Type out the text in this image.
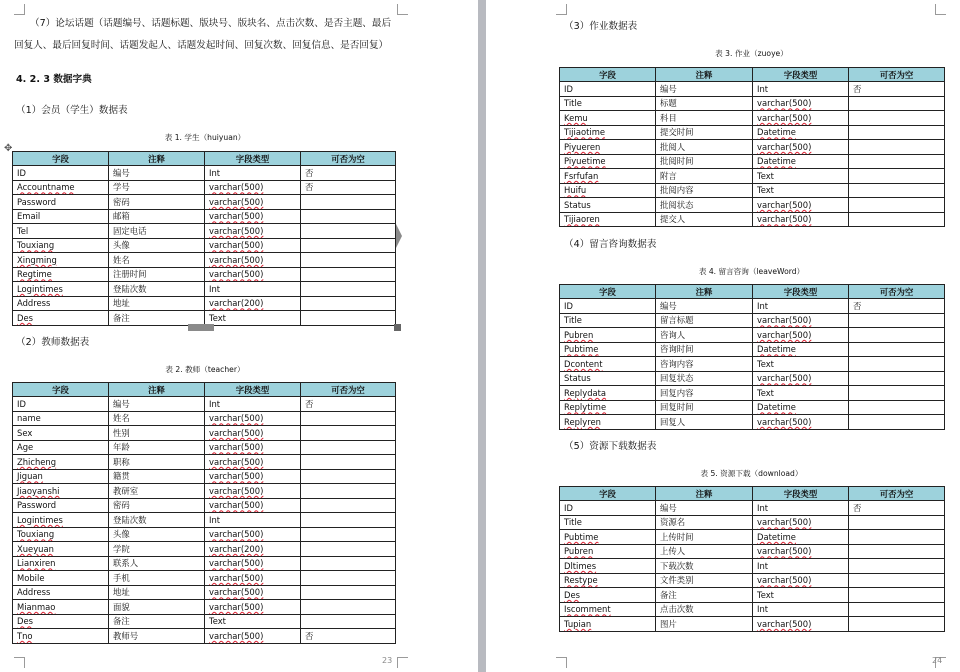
（7）论坛话题（话题编号、话题标题、版块号、版块名、点击次数、是否主题、最后
回复人、最后回复时间、话题发起人、话题发起时间、回复次数、回复信息、是否回复）
4. 2. 3 数据字典
（1）会员（学生）数据表
表 1. 学生（huiyuan）
✥
字段	注释	字段类型	可否为空
ID	编号	Int	否
Accountname	学号	varchar(500)	否
Password	密码	varchar(500)	
Email	邮箱	varchar(500)	
Tel	固定电话	varchar(500)	
Touxiang	头像	varchar(500)	
Xingming	姓名	varchar(500)	
Regtime	注册时间	varchar(500)	
Logintimes	登陆次数	Int	
Address	地址	varchar(200)	
Des	备注	Text	
（2）教师数据表
表 2. 教师（teacher）
字段	注释	字段类型	可否为空
ID	编号	Int	否
name	姓名	varchar(500)	
Sex	性别	varchar(500)	
Age	年龄	varchar(500)	
Zhicheng	职称	varchar(500)	
Jiguan	籍贯	varchar(500)	
Jiaoyanshi	教研室	varchar(500)	
Password	密码	varchar(500)	
Logintimes	登陆次数	Int	
Touxiang	头像	varchar(500)	
Xueyuan	学院	varchar(200)	
Lianxiren	联系人	varchar(500)	
Mobile	手机	varchar(500)	
Address	地址	varchar(500)	
Mianmao	面貌	varchar(500)	
Des	备注	Text	
Tno	教师号	varchar(500)	否
23
（3）作业数据表
表 3. 作业（zuoye）
字段	注释	字段类型	可否为空
ID	编号	Int	否
Title	标题	varchar(500)	
Kemu	科目	varchar(500)	
Tijiaotime	提交时间	Datetime	
Piyueren	批阅人	varchar(500)	
Piyuetime	批阅时间	Datetime	
Fsrfufan	附言	Text	
Huifu	批阅内容	Text	
Status	批阅状态	varchar(500)	
Tijiaoren	提交人	varchar(500)	
（4）留言咨询数据表
表 4. 留言咨询（leaveWord）
字段	注释	字段类型	可否为空
ID	编号	Int	否
Title	留言标题	varchar(500)	
Pubren	咨询人	varchar(500)	
Pubtime	咨询时间	Datetime	
Dcontent	咨询内容	Text	
Status	回复状态	varchar(500)	
Replydata	回复内容	Text	
Replytime	回复时间	Datetime	
Replyren	回复人	varchar(500)	
（5）资源下载数据表
表 5. 资源下载（download）
字段	注释	字段类型	可否为空
ID	编号	Int	否
Title	资源名	varchar(500)	
Pubtime	上传时间	Datetime	
Pubren	上传人	varchar(500)	
Dltimes	下载次数	Int	
Restype	文件类别	varchar(500)	
Des	备注	Text	
Iscomment	点击次数	Int	
Tupian	图片	varchar(500)	
24
